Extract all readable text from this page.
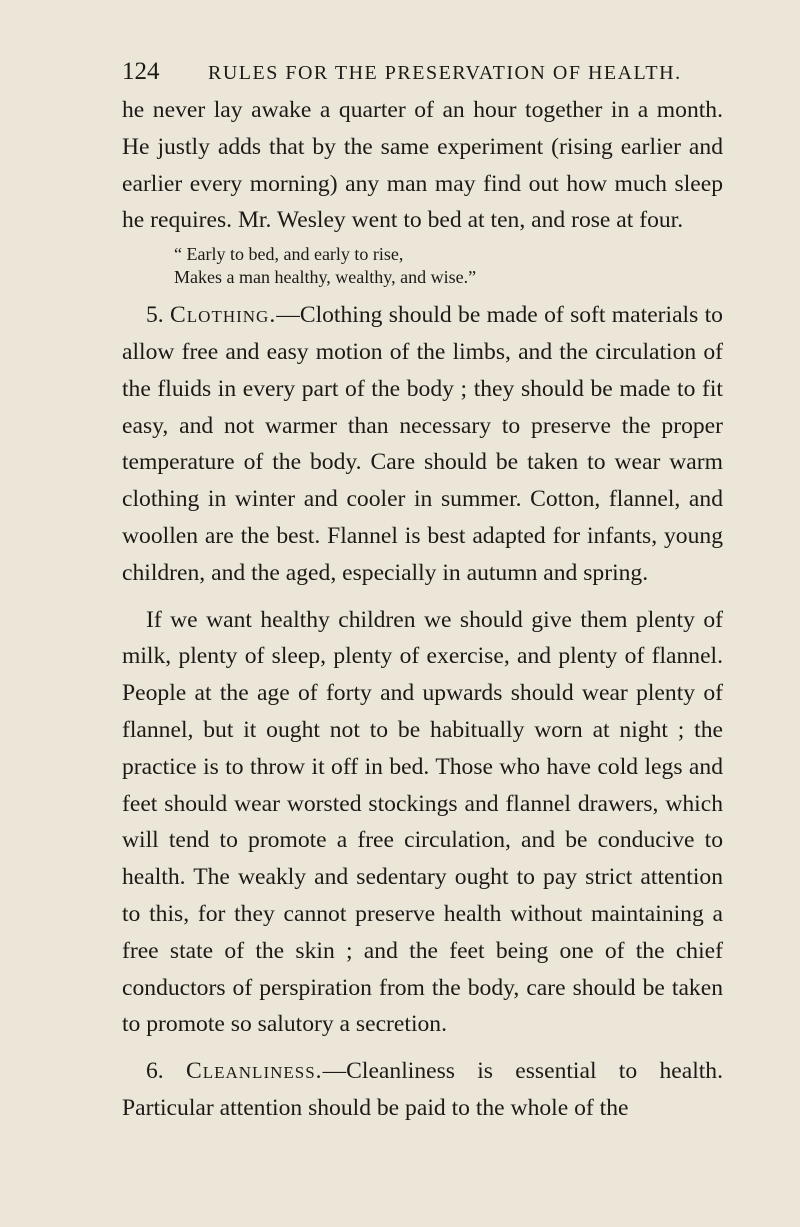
124 RULES FOR THE PRESERVATION OF HEALTH.

he never lay awake a quarter of an hour together in a month. He justly adds that by the same experiment (rising earlier and earlier every morning) any man may find out how much sleep he requires. Mr. Wesley went to bed at ten, and rose at four.

“ Early to bed, and early to rise,
Makes a man healthy, wealthy, and wise.”

5. Clothing.—Clothing should be made of soft materials to allow free and easy motion of the limbs, and the circulation of the fluids in every part of the body ; they should be made to fit easy, and not warmer than necessary to preserve the proper temperature of the body. Care should be taken to wear warm clothing in winter and cooler in summer. Cotton, flannel, and woollen are the best. Flannel is best adapted for infants, young children, and the aged, especially in autumn and spring.

If we want healthy children we should give them plenty of milk, plenty of sleep, plenty of exercise, and plenty of flannel. People at the age of forty and upwards should wear plenty of flannel, but it ought not to be habitually worn at night ; the practice is to throw it off in bed. Those who have cold legs and feet should wear worsted stockings and flannel drawers, which will tend to promote a free circulation, and be conducive to health. The weakly and sedentary ought to pay strict attention to this, for they cannot preserve health without maintaining a free state of the skin ; and the feet being one of the chief conductors of perspiration from the body, care should be taken to promote so salutory a secretion.

6. Cleanliness.—Cleanliness is essential to health. Particular attention should be paid to the whole of the
